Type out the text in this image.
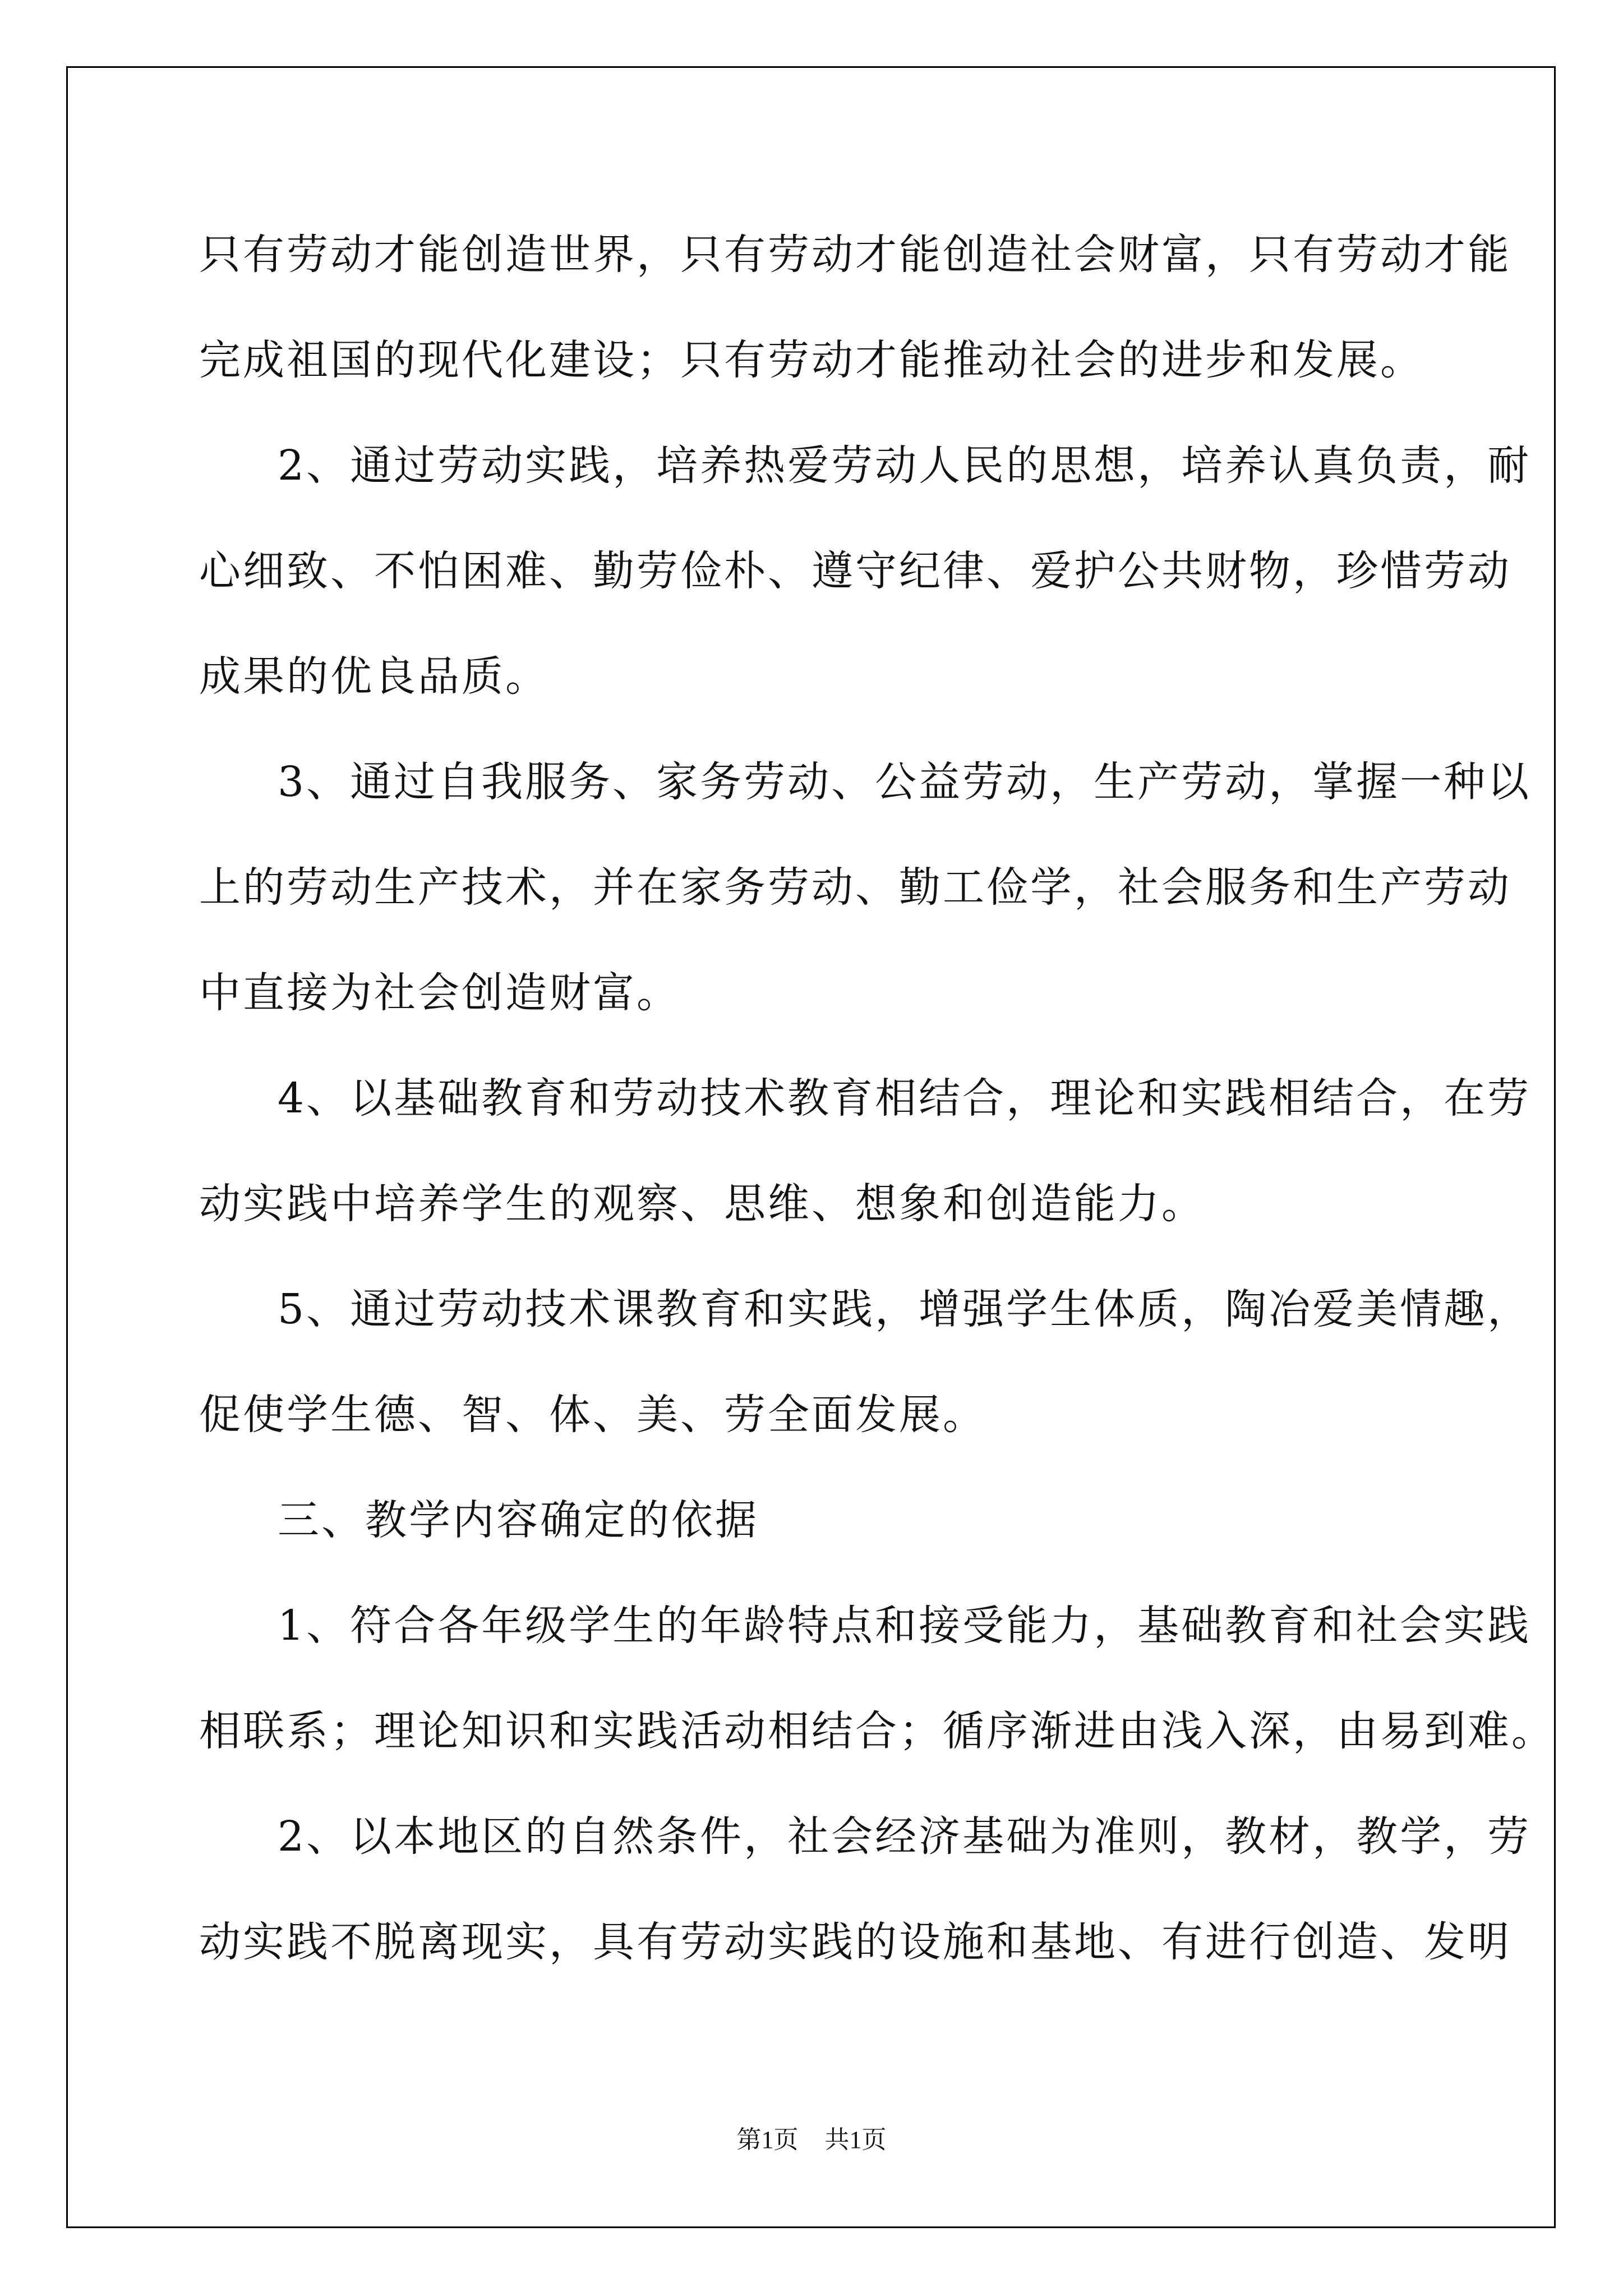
只有劳动才能创造世界，只有劳动才能创造社会财富，只有劳动才能

完成祖国的现代化建设；只有劳动才能推动社会的进步和发展。

2、通过劳动实践，培养热爱劳动人民的思想，培养认真负责，耐

心细致、不怕困难、勤劳俭朴、遵守纪律、爱护公共财物，珍惜劳动

成果的优良品质。

3、通过自我服务、家务劳动、公益劳动，生产劳动，掌握一种以

上的劳动生产技术，并在家务劳动、勤工俭学，社会服务和生产劳动

中直接为社会创造财富。

4、以基础教育和劳动技术教育相结合，理论和实践相结合，在劳

动实践中培养学生的观察、思维、想象和创造能力。

5、通过劳动技术课教育和实践，增强学生体质，陶冶爱美情趣，

促使学生德、智、体、美、劳全面发展。

三、教学内容确定的依据

1、符合各年级学生的年龄特点和接受能力，基础教育和社会实践

相联系；理论知识和实践活动相结合；循序渐进由浅入深，由易到难。

2、以本地区的自然条件，社会经济基础为准则，教材，教学，劳

动实践不脱离现实，具有劳动实践的设施和基地、有进行创造、发明

第1页 共1页
